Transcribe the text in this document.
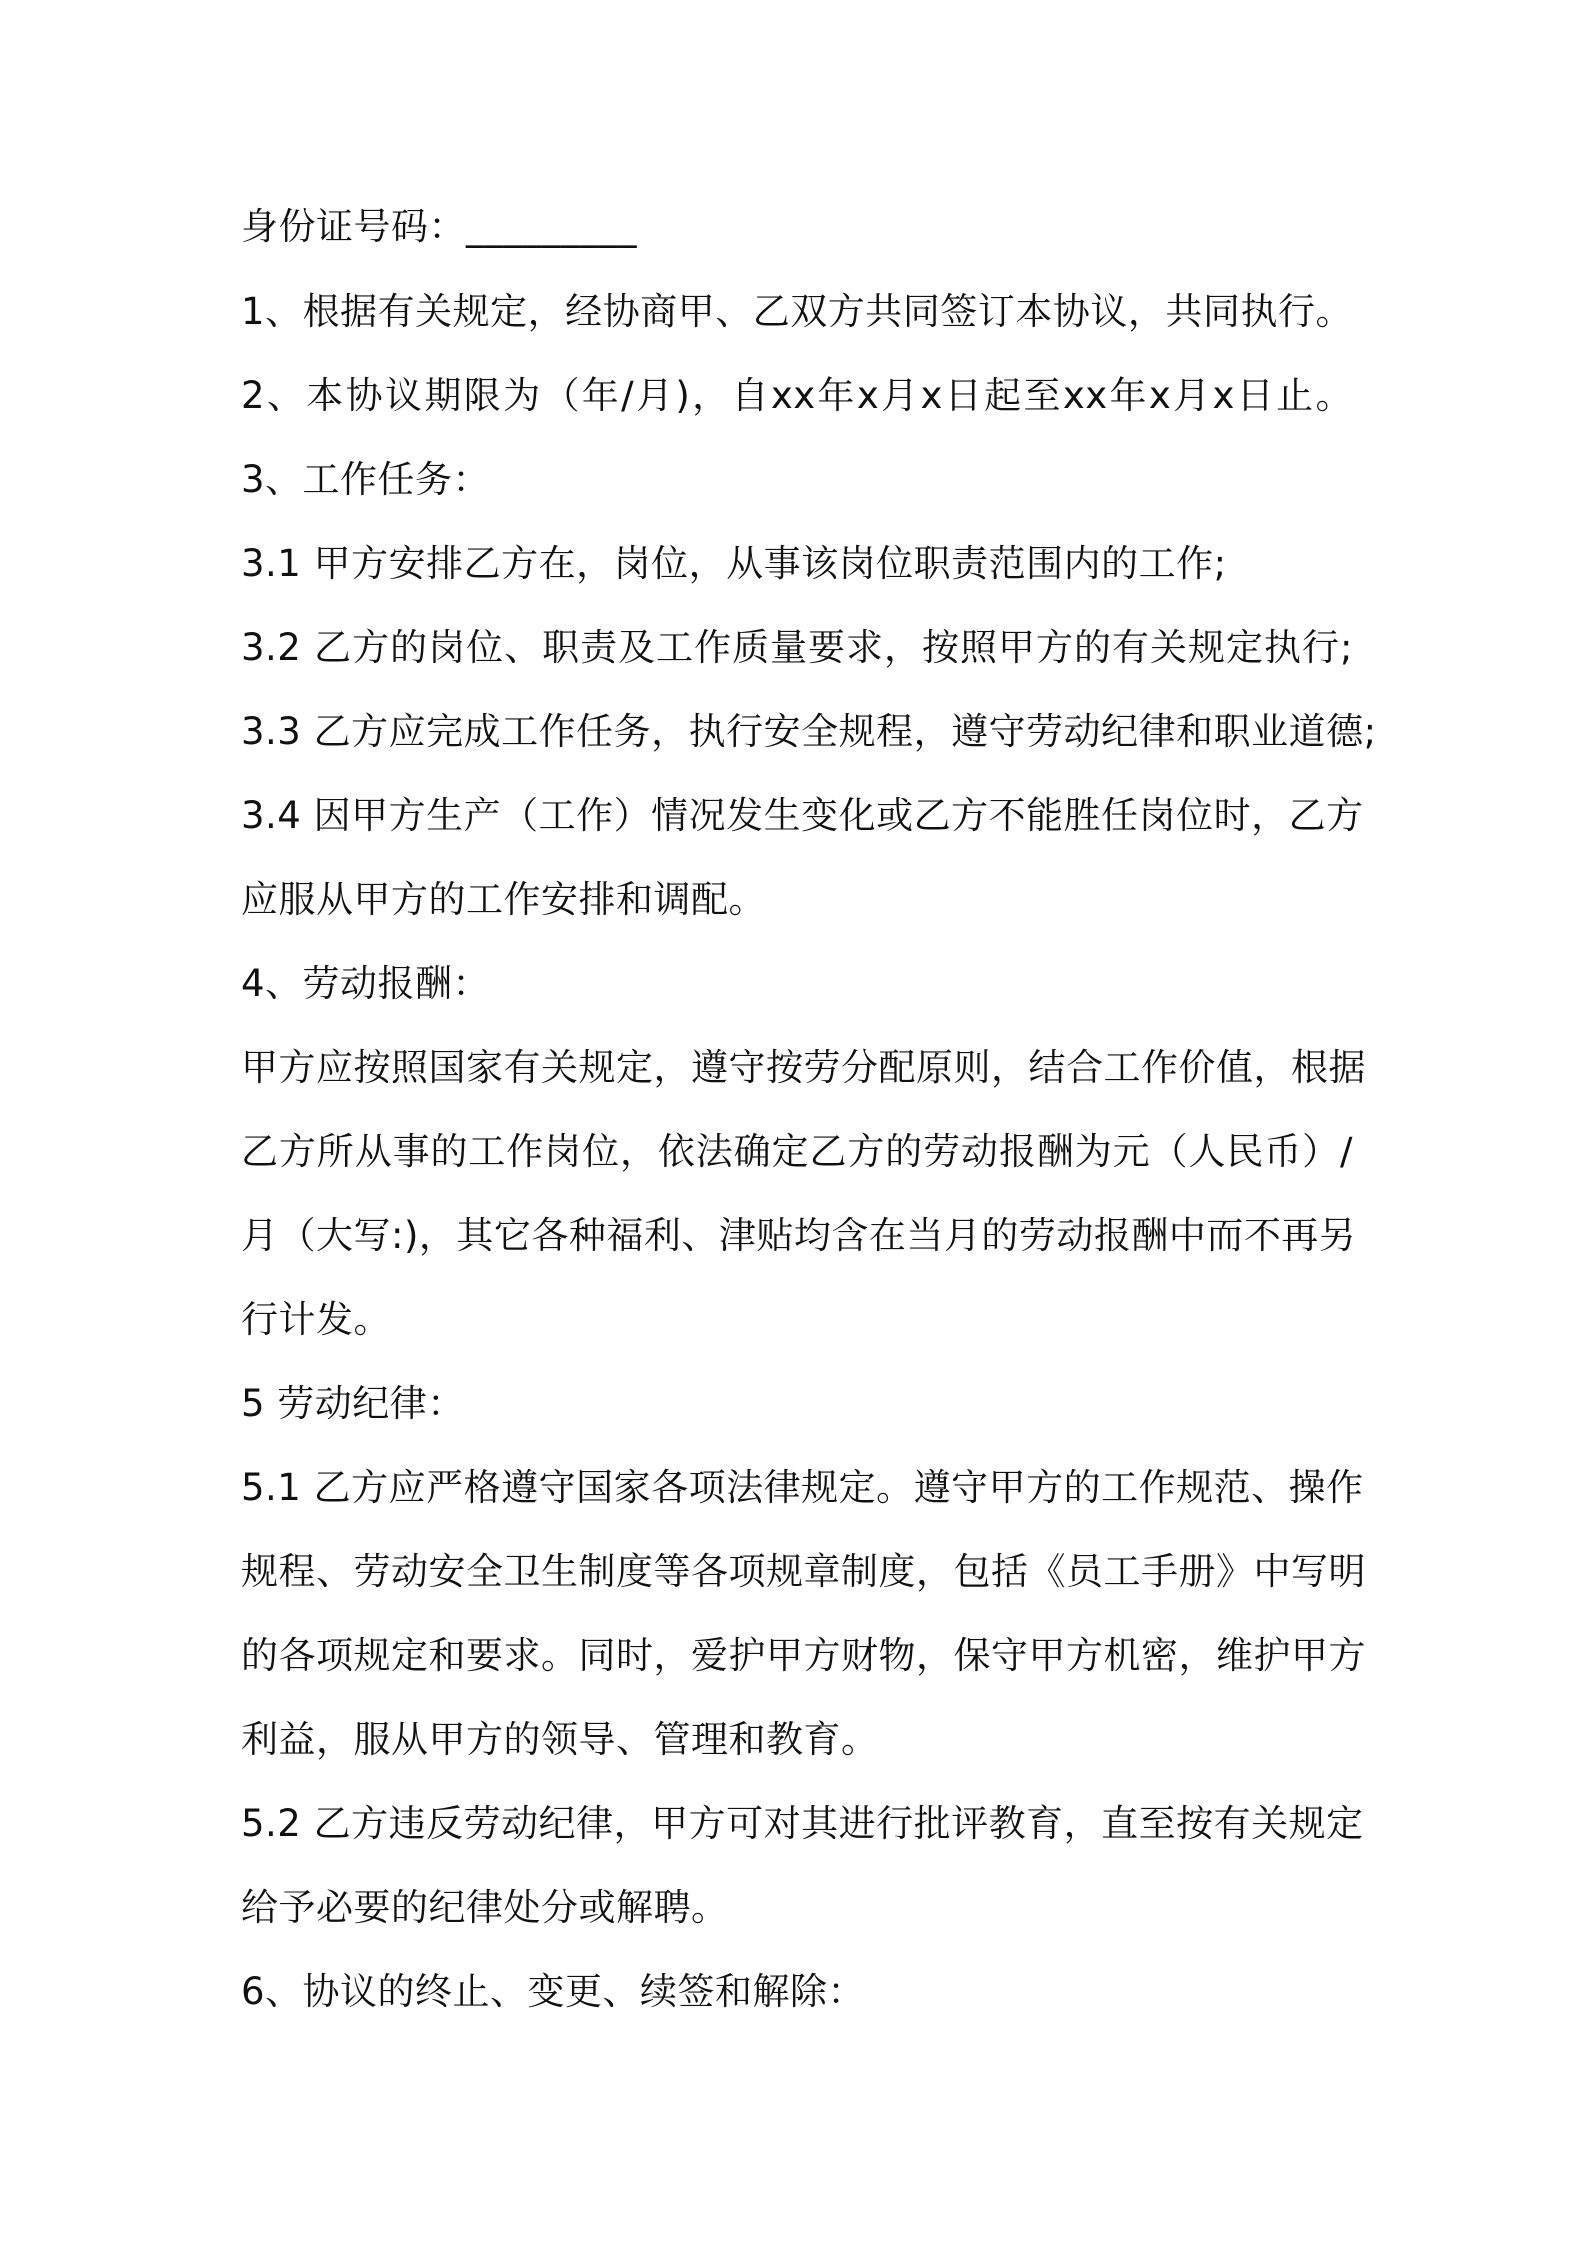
身份证号码：_________
1、根据有关规定，经协商甲、乙双方共同签订本协议，共同执行。
2、本协议期限为（年/月)，自xx年x月x日起至xx年x月x日止。
3、工作任务：
3.1 甲方安排乙方在，岗位，从事该岗位职责范围内的工作;
3.2 乙方的岗位、职责及工作质量要求，按照甲方的有关规定执行;
3.3 乙方应完成工作任务，执行安全规程，遵守劳动纪律和职业道德;
3.4 因甲方生产（工作）情况发生变化或乙方不能胜任岗位时，乙方
应服从甲方的工作安排和调配。
4、劳动报酬：
甲方应按照国家有关规定，遵守按劳分配原则，结合工作价值，根据
乙方所从事的工作岗位，依法确定乙方的劳动报酬为元（人民币）/
月（大写:)，其它各种福利、津贴均含在当月的劳动报酬中而不再另
行计发。
5 劳动纪律：
5.1 乙方应严格遵守国家各项法律规定。遵守甲方的工作规范、操作
规程、劳动安全卫生制度等各项规章制度，包括《员工手册》中写明
的各项规定和要求。同时，爱护甲方财物，保守甲方机密，维护甲方
利益，服从甲方的领导、管理和教育。
5.2 乙方违反劳动纪律，甲方可对其进行批评教育，直至按有关规定
给予必要的纪律处分或解聘。
6、协议的终止、变更、续签和解除：
